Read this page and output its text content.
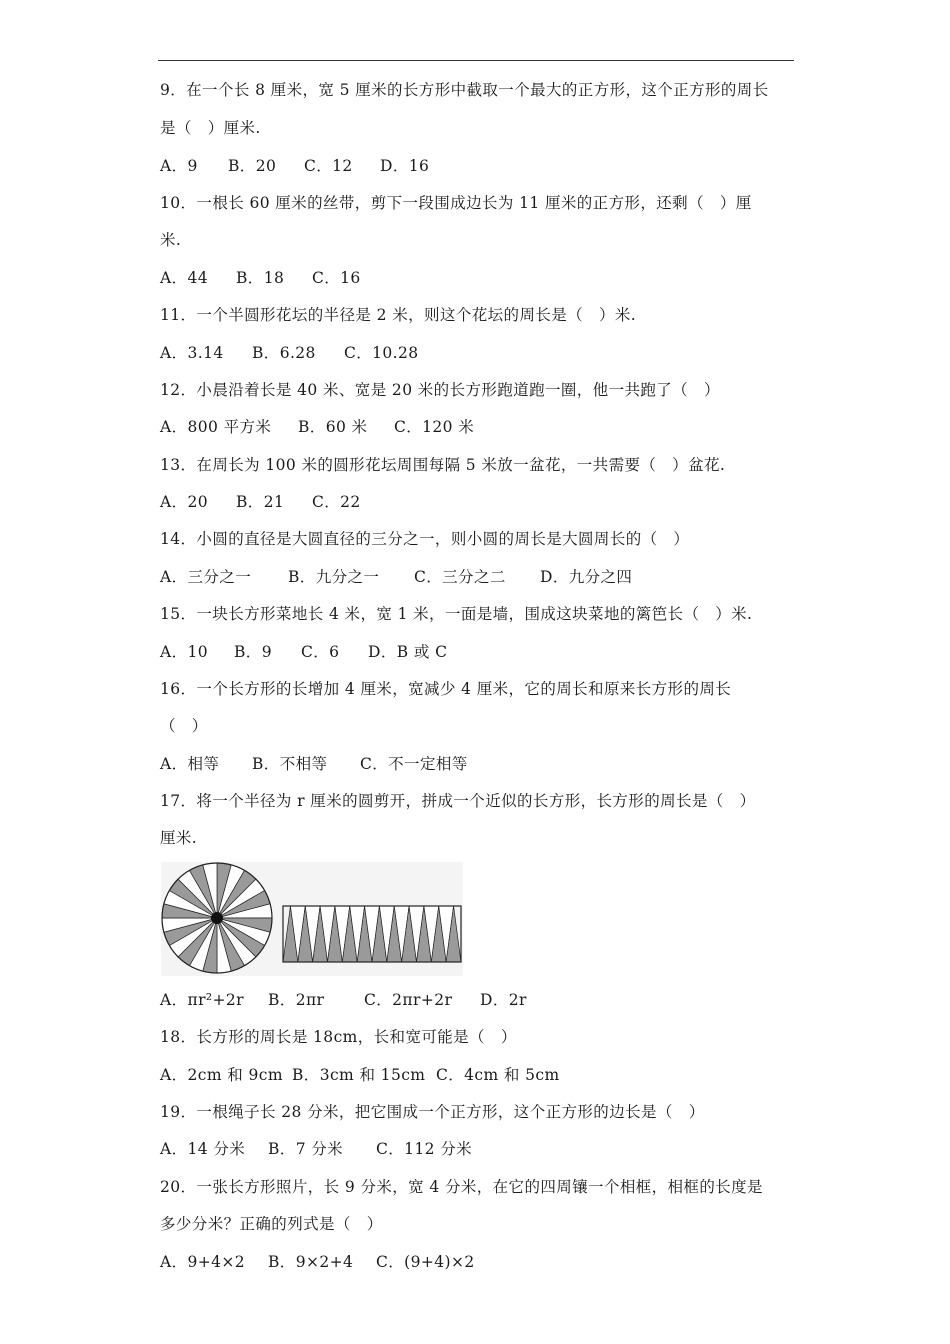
9．在一个长 8 厘米，宽 5 厘米的长方形中截取一个最大的正方形，这个正方形的周长
是（　）厘米.
A．9 B．20 C．12 D．16
10．一根长 60 厘米的丝带，剪下一段围成边长为 11 厘米的正方形，还剩（　）厘
米.
A．44 B．18 C．16
11．一个半圆形花坛的半径是 2 米，则这个花坛的周长是（　）米.
A．3.14 B．6.28 C．10.28
12．小晨沿着长是 40 米、宽是 20 米的长方形跑道跑一圈，他一共跑了（　）
A．800 平方米 B．60 米 C．120 米
13．在周长为 100 米的圆形花坛周围每隔 5 米放一盆花，一共需要（　）盆花.
A．20 B．21 C．22
14．小圆的直径是大圆直径的三分之一，则小圆的周长是大圆周长的（　）
A．三分之一 B．九分之一 C．三分之二 D．九分之四
15．一块长方形菜地长 4 米，宽 1 米，一面是墙，围成这块菜地的篱笆长（　）米.
A．10 B．9 C．6 D．B 或 C
16．一个长方形的长增加 4 厘米，宽减少 4 厘米，它的周长和原来长方形的周长
（　）
A．相等 B．不相等 C．不一定相等
17．将一个半径为 r 厘米的圆剪开，拼成一个近似的长方形，长方形的周长是（　）
厘米.
A．πr²+2r B．2πr	C．2πr+2r D．2r
18．长方形的周长是 18cm，长和宽可能是（　）
A．2cm 和 9cm B．3cm 和 15cm C．4cm 和 5cm
19．一根绳子长 28 分米，把它围成一个正方形，这个正方形的边长是（　）
A．14 分米 B．7 分米 C．112 分米
20．一张长方形照片，长 9 分米，宽 4 分米，在它的四周镶一个相框，相框的长度是
多少分米？正确的列式是（　）
A．9+4×2 B．9×2+4 C．(9+4)×2
